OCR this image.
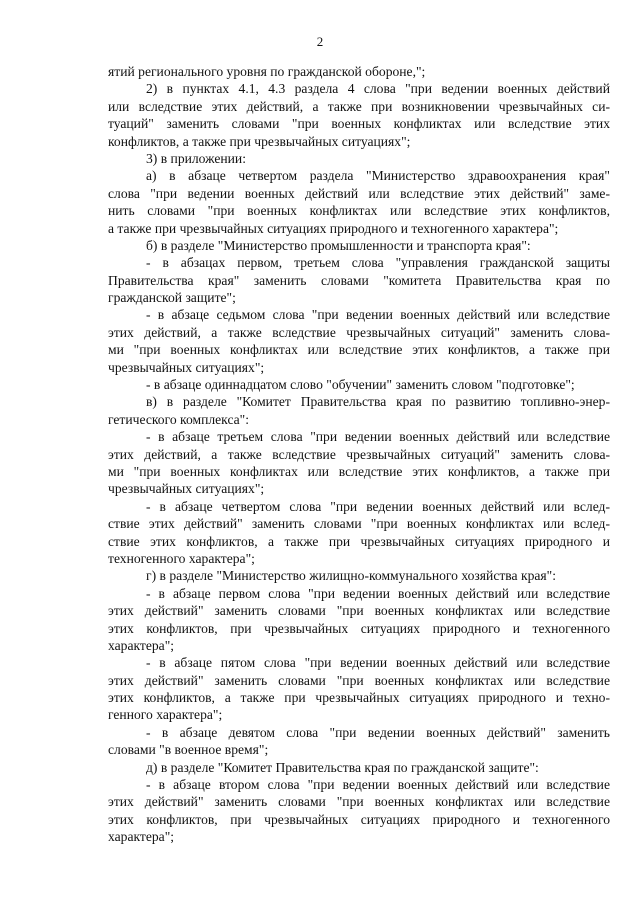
2
ятий регионального уровня по гражданской обороне,";
2) в пунктах 4.1, 4.3 раздела 4 слова "при ведении военных действий
или вследствие этих действий, а также при возникновении чрезвычайных си-
туаций" заменить словами "при военных конфликтах или вследствие этих
конфликтов, а также при чрезвычайных ситуациях";
3) в приложении:
а) в абзаце четвертом раздела "Министерство здравоохранения края"
слова "при ведении военных действий или вследствие этих действий" заме-
нить словами "при военных конфликтах или вследствие этих конфликтов,
а также при чрезвычайных ситуациях природного и техногенного характера";
б) в разделе "Министерство промышленности и транспорта края":
- в абзацах первом, третьем слова "управления гражданской защиты
Правительства края" заменить словами "комитета Правительства края по
гражданской защите";
- в абзаце седьмом слова "при ведении военных действий или вследствие
этих действий, а также вследствие чрезвычайных ситуаций" заменить слова-
ми "при военных конфликтах или вследствие этих конфликтов, а также при
чрезвычайных ситуациях";
- в абзаце одиннадцатом слово "обучении" заменить словом "подготовке";
в) в разделе "Комитет Правительства края по развитию топливно-энер-
гетического комплекса":
- в абзаце третьем слова "при ведении военных действий или вследствие
этих действий, а также вследствие чрезвычайных ситуаций" заменить слова-
ми "при военных конфликтах или вследствие этих конфликтов, а также при
чрезвычайных ситуациях";
- в абзаце четвертом слова "при ведении военных действий или вслед-
ствие этих действий" заменить словами "при военных конфликтах или вслед-
ствие этих конфликтов, а также при чрезвычайных ситуациях природного и
техногенного характера";
г) в разделе "Министерство жилищно-коммунального хозяйства края":
- в абзаце первом слова "при ведении военных действий или вследствие
этих действий" заменить словами "при военных конфликтах или вследствие
этих конфликтов, при чрезвычайных ситуациях природного и техногенного
характера";
- в абзаце пятом слова "при ведении военных действий или вследствие
этих действий" заменить словами "при военных конфликтах или вследствие
этих конфликтов, а также при чрезвычайных ситуациях природного и техно-
генного характера";
- в абзаце девятом слова "при ведении военных действий" заменить
словами "в военное время";
д) в разделе "Комитет Правительства края по гражданской защите":
- в абзаце втором слова "при ведении военных действий или вследствие
этих действий" заменить словами "при военных конфликтах или вследствие
этих конфликтов, при чрезвычайных ситуациях природного и техногенного
характера";
